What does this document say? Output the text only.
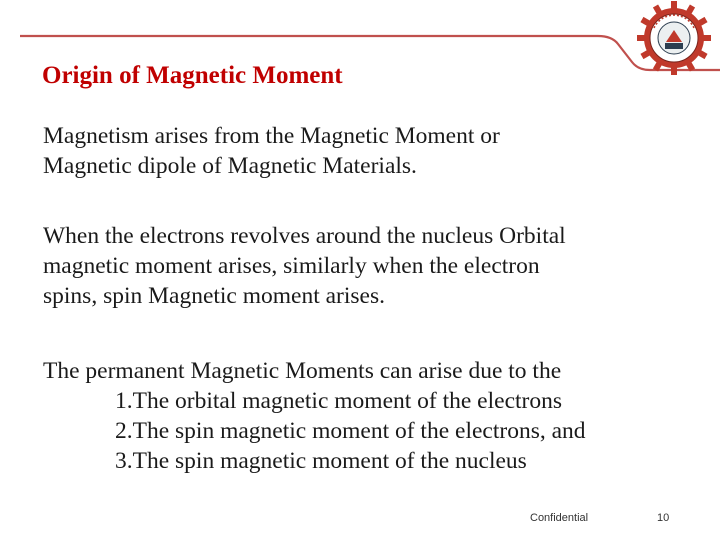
Origin of Magnetic Moment

Magnetism arises from the Magnetic Moment or
Magnetic dipole of Magnetic Materials.

When the electrons revolves around the nucleus Orbital
magnetic moment arises, similarly when the electron
spins, spin Magnetic moment arises.

The permanent Magnetic Moments can arise due to the

1.The orbital magnetic moment of the electrons
2.The spin magnetic moment of the electrons, and
3.The spin magnetic moment of the nucleus
Confidential	10
